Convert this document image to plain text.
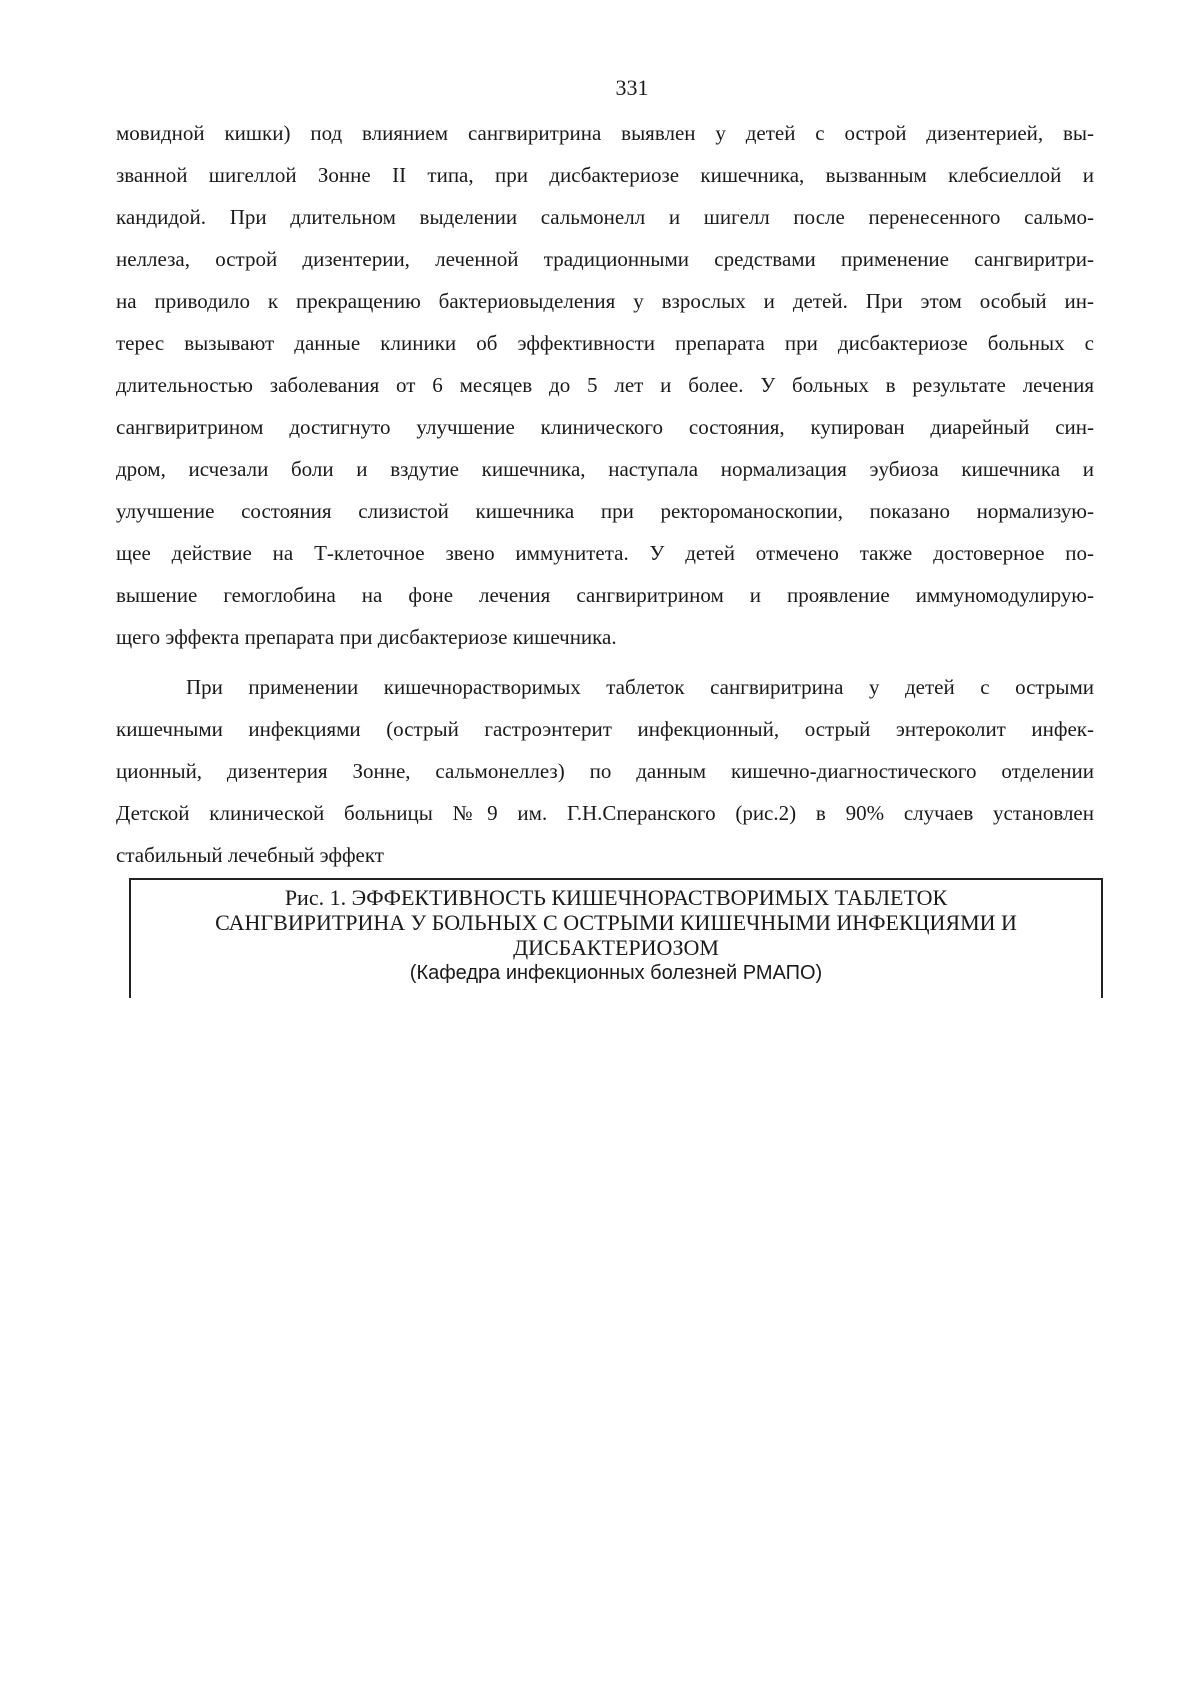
331
мовидной кишки) под влиянием сангвиритрина выявлен у детей с острой дизентерией, вы-
званной шигеллой Зонне II типа, при дисбактериозе кишечника, вызванным клебсиеллой и
кандидой. При длительном выделении сальмонелл и шигелл после перенесенного сальмо-
неллеза, острой дизентерии, леченной традиционными средствами применение сангвиритри-
на приводило к прекращению бактериовыделения у взрослых и детей. При этом особый ин-
терес вызывают данные клиники об эффективности препарата при дисбактериозе больных с
длительностью заболевания от 6 месяцев до 5 лет и более. У больных в результате лечения
сангвиритрином достигнуто улучшение клинического состояния, купирован диарейный син-
дром, исчезали боли и вздутие кишечника, наступала нормализация эубиоза кишечника и
улучшение состояния слизистой кишечника при ректороманоскопии, показано нормализую-
щее действие на Т-клеточное звено иммунитета. У детей отмечено также достоверное по-
вышение гемоглобина на фоне лечения сангвиритрином и проявление иммуномодулирую-
щего эффекта препарата при дисбактериозе кишечника.
При применении кишечнорастворимых таблеток сангвиритрина у детей с острыми
кишечными инфекциями (острый гастроэнтерит инфекционный, острый энтероколит инфек-
ционный, дизентерия Зонне, сальмонеллез) по данным кишечно-диагностического отделении
Детской клинической больницы №9 им. Г.Н.Сперанского (рис.2) в 90% случаев установлен
стабильный лечебный эффект
Рис. 1. ЭФФЕКТИВНОСТЬ КИШЕЧНОРАСТВОРИМЫХ ТАБЛЕТОК
САНГВИРИТРИНА У БОЛЬНЫХ С ОСТРЫМИ КИШЕЧНЫМИ ИНФЕКЦИЯМИ И
ДИСБАКТЕРИОЗОМ
(Кафедра инфекционных болезней РМАПО)
